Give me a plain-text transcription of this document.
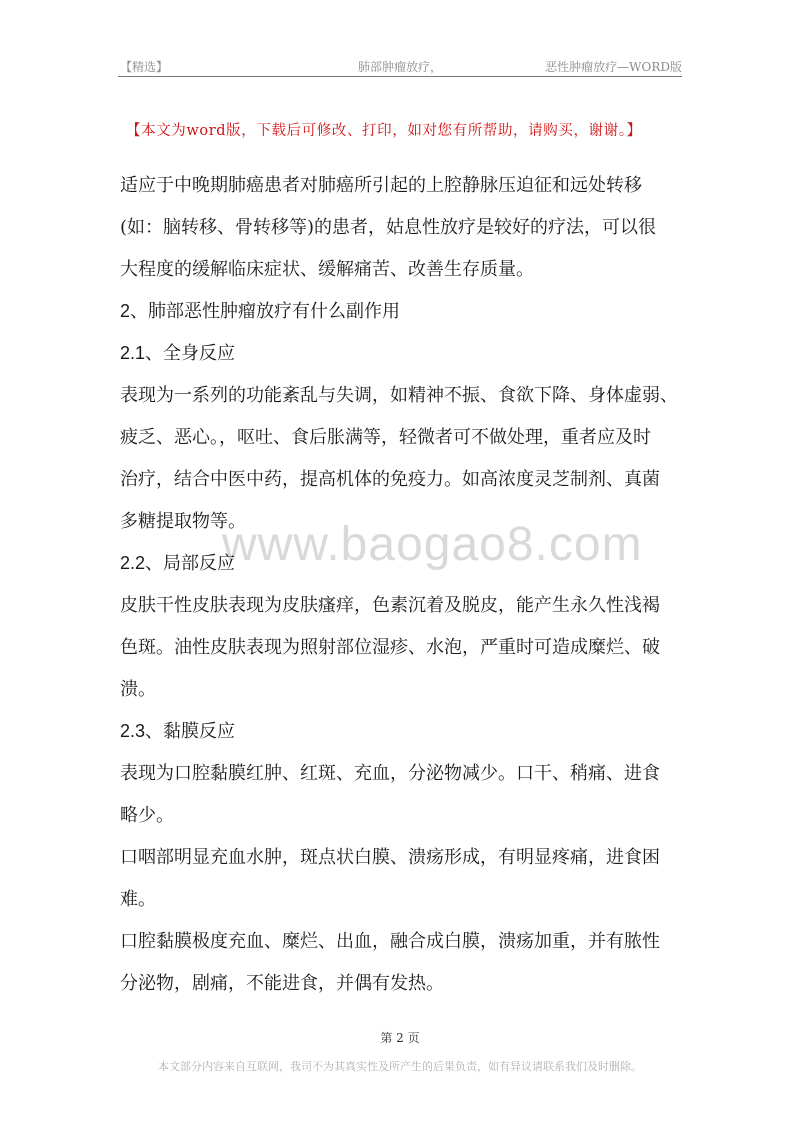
【精选】	肺部肿瘤放疗，	恶性肿瘤放疗—WORD版
【本文为word版，下载后可修改、打印，如对您有所帮助，请购买，谢谢。】
www.baogao8.com
适应于中晚期肺癌患者对肺癌所引起的上腔静脉压迫征和远处转移
(如：脑转移、骨转移等)的患者，姑息性放疗是较好的疗法，可以很
大程度的缓解临床症状、缓解痛苦、改善生存质量。
2、肺部恶性肿瘤放疗有什么副作用
2.1、全身反应
表现为一系列的功能紊乱与失调，如精神不振、食欲下降、身体虚弱、
疲乏、恶心。，呕吐、食后胀满等，轻微者可不做处理，重者应及时
治疗，结合中医中药，提高机体的免疫力。如高浓度灵芝制剂、真菌
多糖提取物等。
2.2、局部反应
皮肤干性皮肤表现为皮肤瘙痒，色素沉着及脱皮，能产生永久性浅褐
色斑。油性皮肤表现为照射部位湿疹、水泡，严重时可造成糜烂、破
溃。
2.3、黏膜反应
表现为口腔黏膜红肿、红斑、充血，分泌物减少。口干、稍痛、进食
略少。
口咽部明显充血水肿，斑点状白膜、溃疡形成，有明显疼痛，进食困
难。
口腔黏膜极度充血、糜烂、出血，融合成白膜，溃疡加重，并有脓性
分泌物，剧痛，不能进食，并偶有发热。
第 2 页
本文部分内容来自互联网，我司不为其真实性及所产生的后果负责，如有异议请联系我们及时删除。
